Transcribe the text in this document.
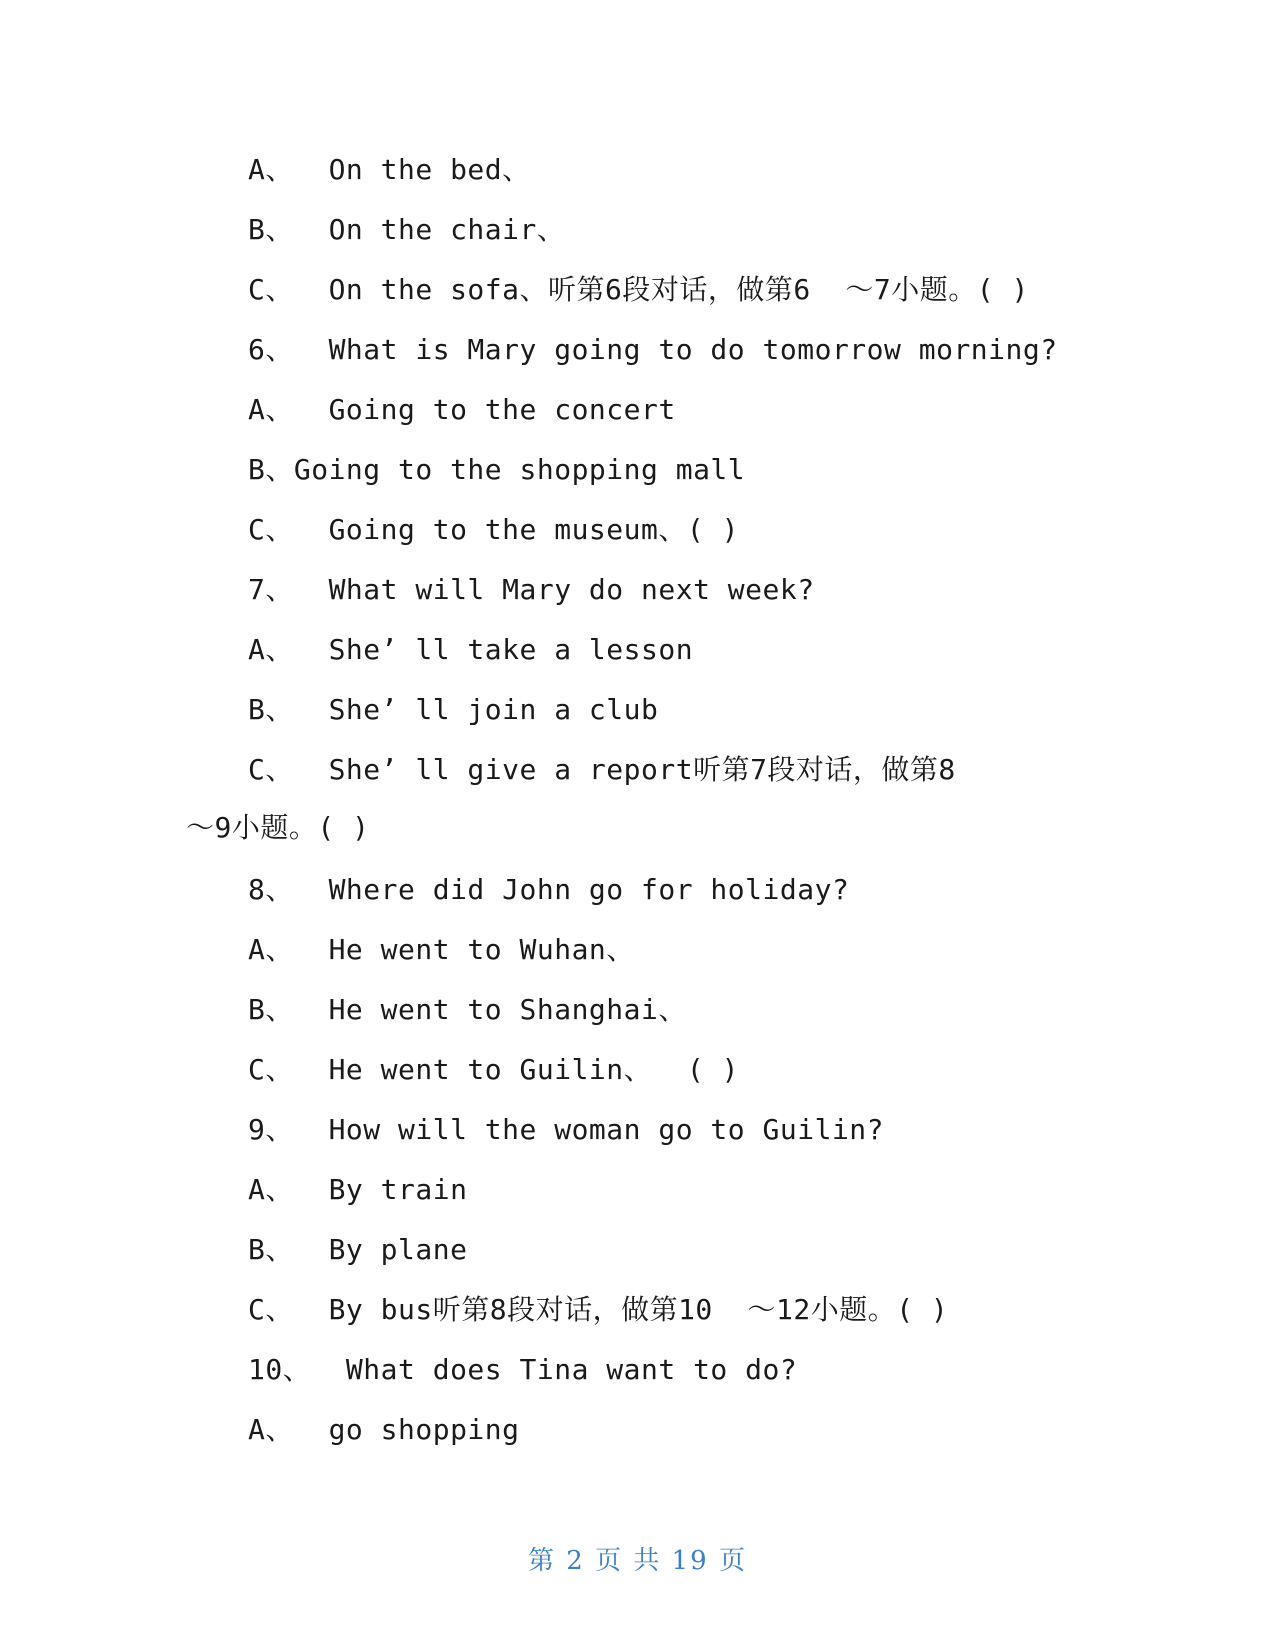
A、  On the bed、
B、  On the chair、
C、  On the sofa、听第6段对话，做第6  ～7小题。( )
6、  What is Mary going to do tomorrow morning?
A、  Going to the concert
B、Going to the shopping mall
C、  Going to the museum、( )
7、  What will Mary do next week?
A、  She’ ll take a lesson
B、  She’ ll join a club
C、  She’ ll give a report听第7段对话，做第8
～9小题。( )
8、  Where did John go for holiday?
A、  He went to Wuhan、
B、  He went to Shanghai、
C、  He went to Guilin、  ( )
9、  How will the woman go to Guilin?
A、  By train
B、  By plane
C、  By bus听第8段对话，做第10  ～12小题。( )
10、  What does Tina want to do?
A、  go shopping
第 2 页 共 19 页
